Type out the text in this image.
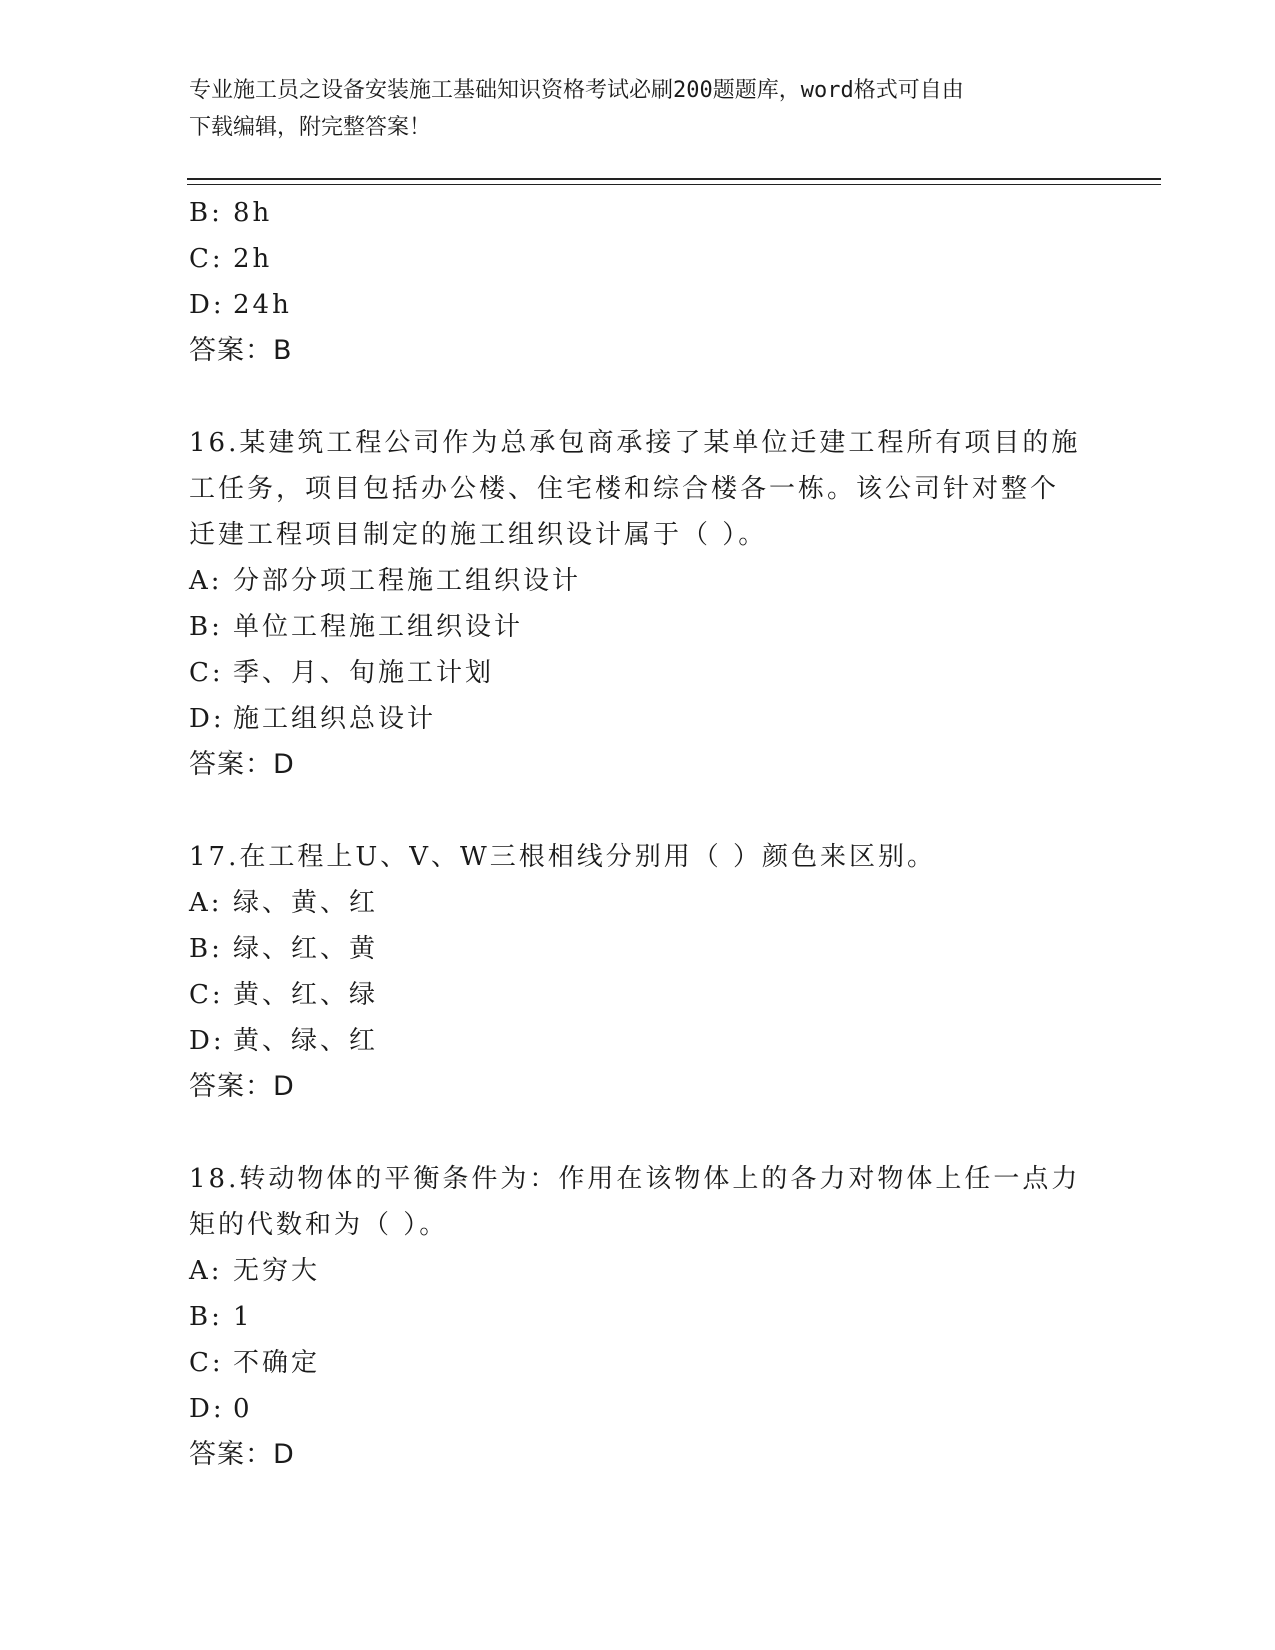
专业施工员之设备安装施工基础知识资格考试必刷200题题库，word格式可自由
下载编辑，附完整答案！
B: 8h
C: 2h
D: 24h
答案：B
16.某建筑工程公司作为总承包商承接了某单位迁建工程所有项目的施
工任务，项目包括办公楼、住宅楼和综合楼各一栋。该公司针对整个
迁建工程项目制定的施工组织设计属于（ ）。
A: 分部分项工程施工组织设计
B: 单位工程施工组织设计
C: 季、月、旬施工计划
D: 施工组织总设计
答案：D
17.在工程上U、V、W三根相线分别用（ ）颜色来区别。
A: 绿、黄、红
B: 绿、红、黄
C: 黄、红、绿
D: 黄、绿、红
答案：D
18.转动物体的平衡条件为：作用在该物体上的各力对物体上任一点力
矩的代数和为（ ）。
A: 无穷大
B: 1
C: 不确定
D: 0
答案：D
